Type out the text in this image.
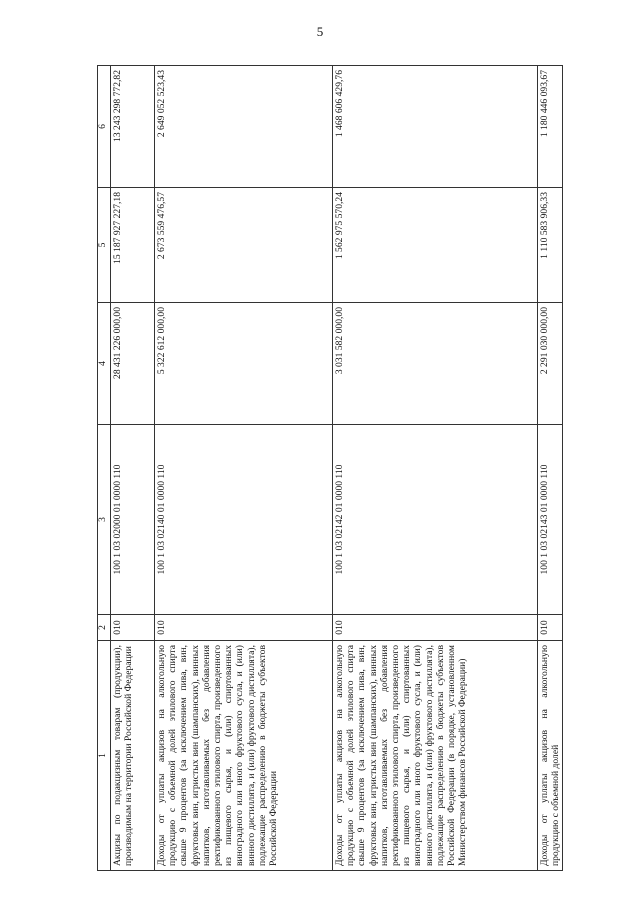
5
1	2	3	4	5	6
Акцизы по подакцизным товарам (продукции), производимым на территории Российской Федерации	010	100 1 03 02000 01 0000 110	28 431 226 000,00	15 187 927 227,18	13 243 298 772,82
Доходы от уплаты акцизов на алкогольную продукцию с объемной долей этилового спирта свыше 9 процентов (за исключением пива, вин, фруктовых вин, игристых вин (шампанских), винных напитков, изготавливаемых без добавления ректификованного этилового спирта, произведенного из пищевого сырья, и (или) спиртованных виноградного или иного фруктового сусла, и (или) винного дистиллята, и (или) фруктового дистиллята), подлежащие распределению в бюджеты субъектов Российской Федерации	010	100 1 03 02140 01 0000 110	5 322 612 000,00	2 673 559 476,57	2 649 052 523,43
Доходы от уплаты акцизов на алкогольную продукцию с объемной долей этилового спирта свыше 9 процентов (за исключением пива, вин, фруктовых вин, игристых вин (шампанских), винных напитков, изготавливаемых без добавления ректификованного этилового спирта, произведенного из пищевого сырья, и (или) спиртованных виноградного или иного фруктового сусла, и (или) винного дистиллята, и (или) фруктового дистиллята), подлежащие распределению в бюджеты субъектов Российской Федерации (в порядке, установленном Министерством финансов Российской Федерации)	010	100 1 03 02142 01 0000 110	3 031 582 000,00	1 562 975 570,24	1 468 606 429,76
Доходы от уплаты акцизов на алкогольную продукцию с объемной долей	010	100 1 03 02143 01 0000 110	2 291 030 000,00	1 110 583 906,33	1 180 446 093,67
